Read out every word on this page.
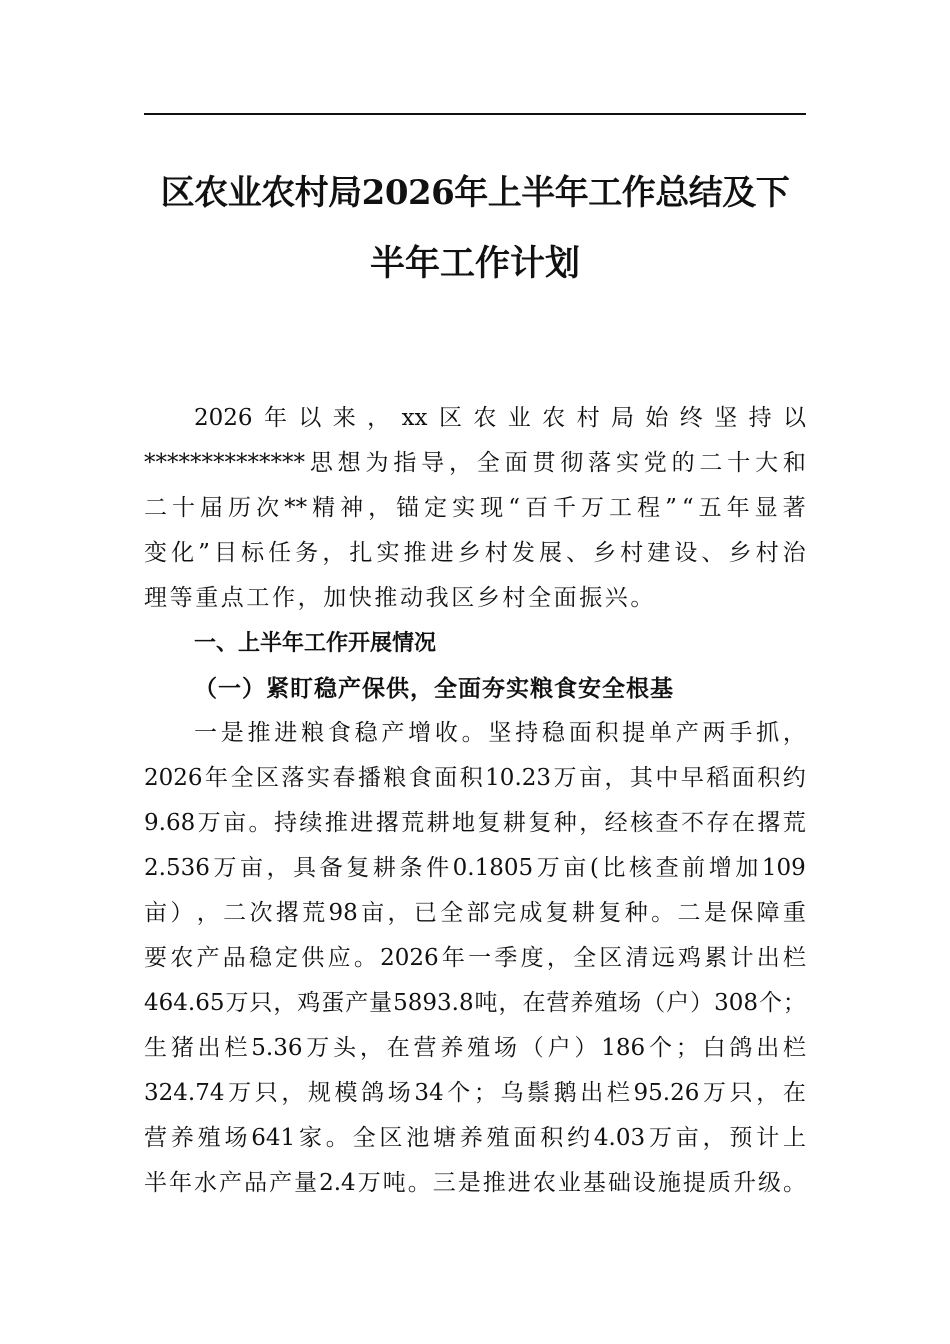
区农业农村局2026年上半年工作总结及下
半年工作计划
2026 年 以 来 ， xx 区 农 业 农 村 局 始 终 坚 持 以
************** 思 想 为 指 导 ， 全 面 贯 彻 落 实 党 的 二 十 大 和
二 十 届 历 次 ** 精 神 ， 锚 定 实 现 “ 百 千 万 工 程 ” “ 五 年 显 著
变 化 ” 目 标 任 务 ， 扎 实 推 进 乡 村 发 展 、 乡 村 建 设 、 乡 村 治
理等重点工作，加快推动我区乡村全面振兴。
一、上半年工作开展情况
（一）紧盯稳产保供，全面夯实粮食安全根基
一 是 推 进 粮 食 稳 产 增 收 。 坚 持 稳 面 积 提 单 产 两 手 抓 ，
2026 年 全 区 落 实 春 播 粮 食 面 积 10.23 万 亩 ， 其 中 早 稻 面 积 约
9.68 万 亩 。 持 续 推 进 撂 荒 耕 地 复 耕 复 种 ， 经 核 查 不 存 在 撂 荒
2.536 万 亩 ， 具 备 复 耕 条 件 0.1805 万 亩 ( 比 核 查 前 增 加 109
亩 ） ， 二 次 撂 荒 98 亩 ， 已 全 部 完 成 复 耕 复 种 。 二 是 保 障 重
要 农 产 品 稳 定 供 应 。 2026 年 一 季 度 ， 全 区 清 远 鸡 累 计 出 栏
464.65 万 只 ， 鸡 蛋 产 量 5893.8 吨 ， 在 营 养 殖 场 （ 户 ） 308 个 ；
生 猪 出 栏 5.36 万 头 ， 在 营 养 殖 场 （ 户 ） 186 个 ； 白 鸽 出 栏
324.74 万 只 ， 规 模 鸽 场 34 个 ； 乌 鬃 鹅 出 栏 95.26 万 只 ， 在
营 养 殖 场 641 家 。 全 区 池 塘 养 殖 面 积 约 4.03 万 亩 ， 预 计 上
半 年 水 产 品 产 量 2.4 万 吨 。 三 是 推 进 农 业 基 础 设 施 提 质 升 级 。
